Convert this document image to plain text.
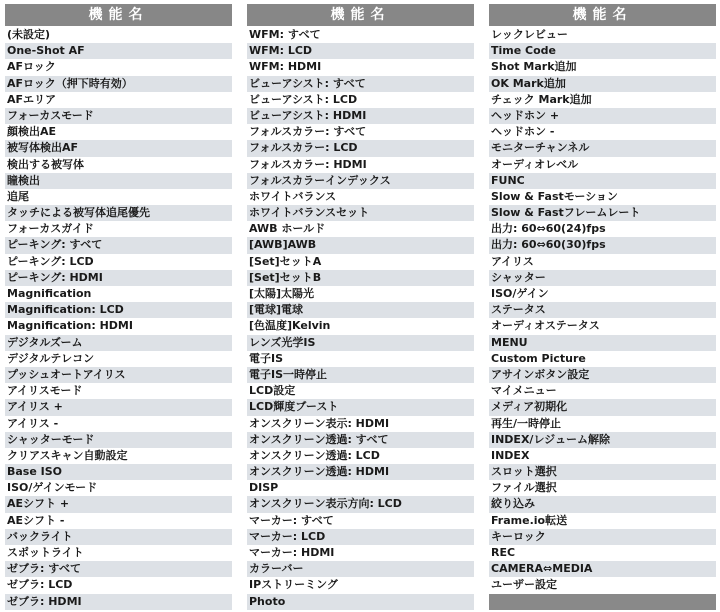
機能名
(未設定)
One-Shot AF
AFロック
AFロック（押下時有効）
AFエリア
フォーカスモード
顔検出AE
被写体検出AF
検出する被写体
瞳検出
追尾
タッチによる被写体追尾優先
フォーカスガイド
ピーキング: すべて
ピーキング: LCD
ピーキング: HDMI
Magnification
Magnification: LCD
Magnification: HDMI
デジタルズーム
デジタルテレコン
プッシュオートアイリス
アイリスモード
アイリス +
アイリス -
シャッターモード
クリアスキャン自動設定
Base ISO
ISO/ゲインモード
AEシフト +
AEシフト -
バックライト
スポットライト
ゼブラ: すべて
ゼブラ: LCD
ゼブラ: HDMI
機能名
WFM: すべて
WFM: LCD
WFM: HDMI
ビューアシスト: すべて
ビューアシスト: LCD
ビューアシスト: HDMI
フォルスカラー: すべて
フォルスカラー: LCD
フォルスカラー: HDMI
フォルスカラーインデックス
ホワイトバランス
ホワイトバランスセット
AWB ホールド
[AWB]AWB
[Set]セットA
[Set]セットB
[太陽]太陽光
[電球]電球
[色温度]Kelvin
レンズ光学IS
電子IS
電子IS一時停止
LCD設定
LCD輝度ブースト
オンスクリーン表示: HDMI
オンスクリーン透過: すべて
オンスクリーン透過: LCD
オンスクリーン透過: HDMI
DISP
オンスクリーン表示方向: LCD
マーカー: すべて
マーカー: LCD
マーカー: HDMI
カラーバー
IPストリーミング
Photo
機能名
レックレビュー
Time Code
Shot Mark追加
OK Mark追加
チェック Mark追加
ヘッドホン +
ヘッドホン -
モニターチャンネル
オーディオレベル
FUNC
Slow & Fastモーション
Slow & Fastフレームレート
出力: 60⇔60(24)fps
出力: 60⇔60(30)fps
アイリス
シャッター
ISO/ゲイン
ステータス
オーディオステータス
MENU
Custom Picture
アサインボタン設定
マイメニュー
メディア初期化
再生/一時停止
INDEX/レジューム解除
INDEX
スロット選択
ファイル選択
絞り込み
Frame.io転送
キーロック
REC
CAMERA⇔MEDIA
ユーザー設定
